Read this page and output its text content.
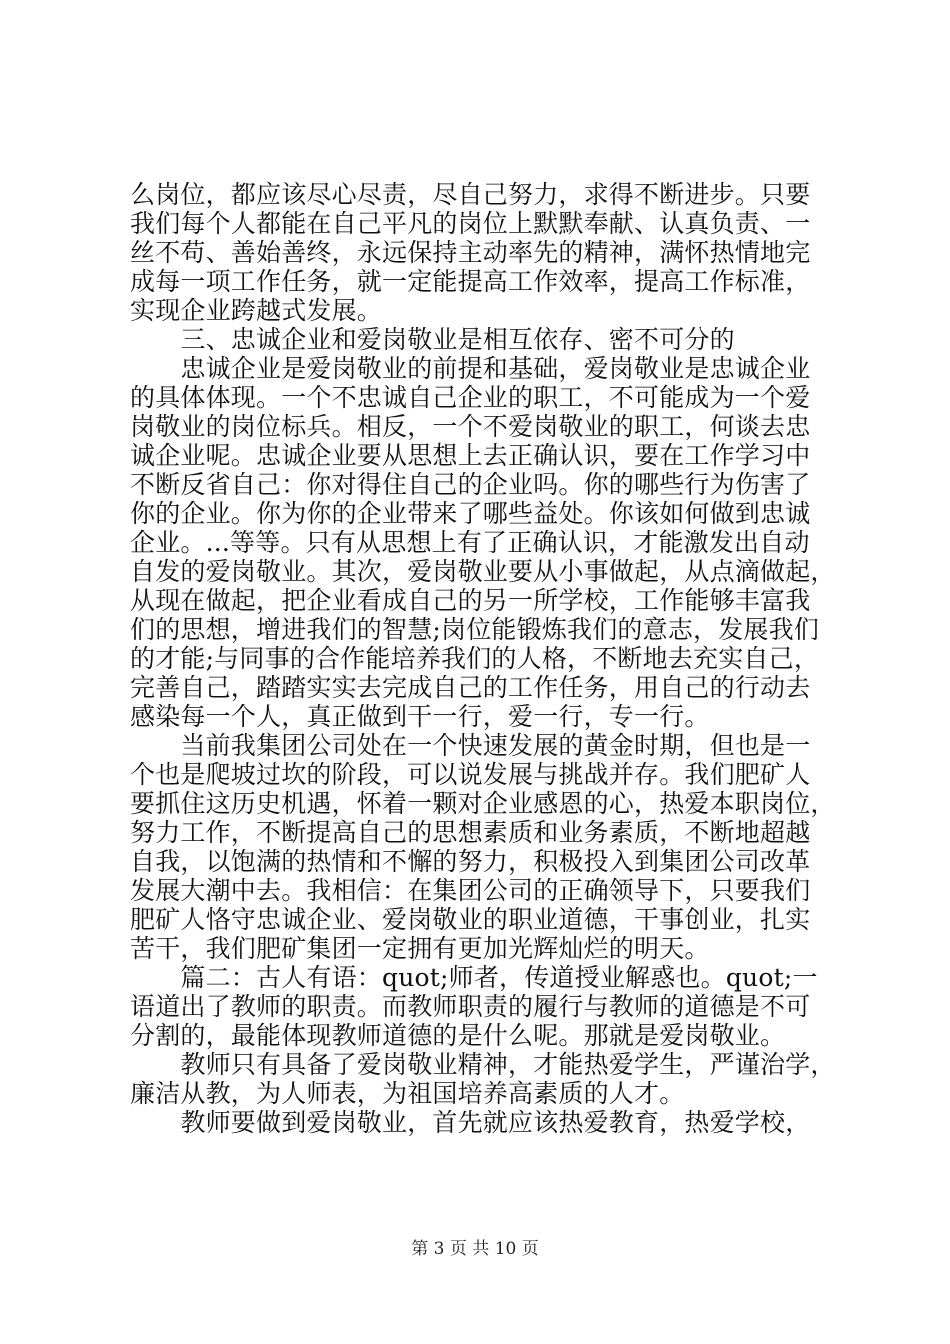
么岗位，都应该尽心尽责，尽自己努力，求得不断进步。只要
我们每个人都能在自己平凡的岗位上默默奉献、认真负责、一
丝不苟、善始善终，永远保持主动率先的精神，满怀热情地完
成每一项工作任务，就一定能提高工作效率，提高工作标准，
实现企业跨越式发展。
　　三、忠诚企业和爱岗敬业是相互依存、密不可分的
　　忠诚企业是爱岗敬业的前提和基础，爱岗敬业是忠诚企业
的具体体现。一个不忠诚自己企业的职工，不可能成为一个爱
岗敬业的岗位标兵。相反，一个不爱岗敬业的职工，何谈去忠
诚企业呢。忠诚企业要从思想上去正确认识，要在工作学习中
不断反省自己：你对得住自己的企业吗。你的哪些行为伤害了
你的企业。你为你的企业带来了哪些益处。你该如何做到忠诚
企业。...等等。只有从思想上有了正确认识，才能激发出自动
自发的爱岗敬业。其次，爱岗敬业要从小事做起，从点滴做起，
从现在做起，把企业看成自己的另一所学校，工作能够丰富我
们的思想，增进我们的智慧;岗位能锻炼我们的意志，发展我们
的才能;与同事的合作能培养我们的人格，不断地去充实自己，
完善自己，踏踏实实去完成自己的工作任务，用自己的行动去
感染每一个人，真正做到干一行，爱一行，专一行。
　　当前我集团公司处在一个快速发展的黄金时期，但也是一
个也是爬坡过坎的阶段，可以说发展与挑战并存。我们肥矿人
要抓住这历史机遇，怀着一颗对企业感恩的心，热爱本职岗位，
努力工作，不断提高自己的思想素质和业务素质，不断地超越
自我，以饱满的热情和不懈的努力，积极投入到集团公司改革
发展大潮中去。我相信：在集团公司的正确领导下，只要我们
肥矿人恪守忠诚企业、爱岗敬业的职业道德，干事创业，扎实
苦干，我们肥矿集团一定拥有更加光辉灿烂的明天。
　　篇二：古人有语：quot;师者，传道授业解惑也。quot;一
语道出了教师的职责。而教师职责的履行与教师的道德是不可
分割的，最能体现教师道德的是什么呢。那就是爱岗敬业。
　　教师只有具备了爱岗敬业精神，才能热爱学生，严谨治学，
廉洁从教，为人师表，为祖国培养高素质的人才。
　　教师要做到爱岗敬业，首先就应该热爱教育，热爱学校，
第 3 页 共 10 页
